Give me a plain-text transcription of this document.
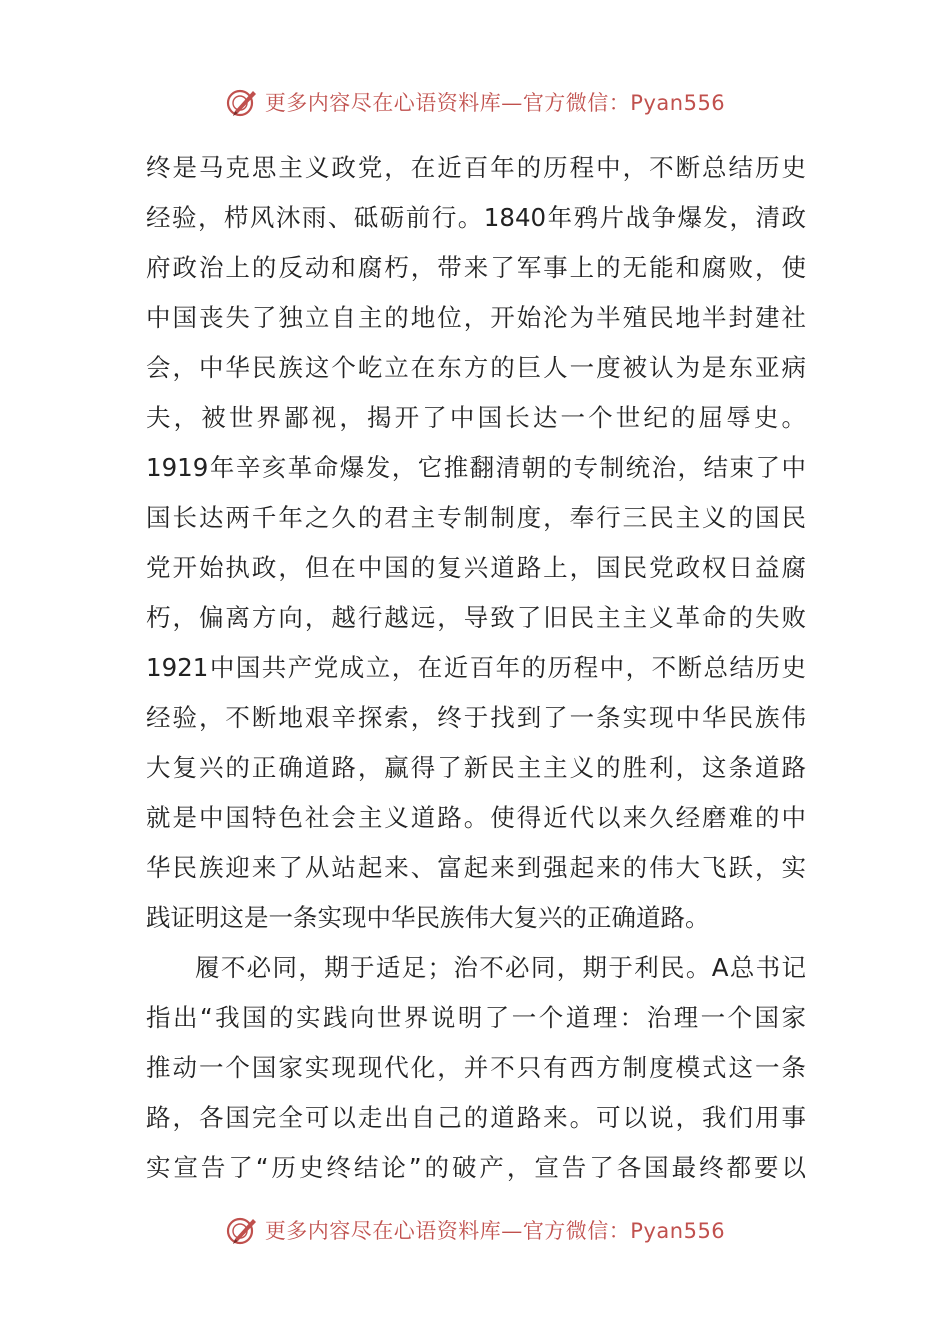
更多内容尽在心语资料库—官方微信：Pyan556
终是马克思主义政党，在近百年的历程中，不断总结历史
经验，栉风沐雨、砥砺前行。1840年鸦片战争爆发，清政
府政治上的反动和腐朽，带来了军事上的无能和腐败，使
中国丧失了独立自主的地位，开始沦为半殖民地半封建社
会，中华民族这个屹立在东方的巨人一度被认为是东亚病
夫，被世界鄙视，揭开了中国长达一个世纪的屈辱史。
1919年辛亥革命爆发，它推翻清朝的专制统治，结束了中
国长达两千年之久的君主专制制度，奉行三民主义的国民
党开始执政，但在中国的复兴道路上，国民党政权日益腐
朽，偏离方向，越行越远，导致了旧民主主义革命的失败
1921中国共产党成立，在近百年的历程中，不断总结历史
经验，不断地艰辛探索，终于找到了一条实现中华民族伟
大复兴的正确道路，赢得了新民主主义的胜利，这条道路
就是中国特色社会主义道路。使得近代以来久经磨难的中
华民族迎来了从站起来、富起来到强起来的伟大飞跃，实
践证明这是一条实现中华民族伟大复兴的正确道路。
履不必同，期于适足；治不必同，期于利民。A总书记
指出“我国的实践向世界说明了一个道理：治理一个国家
推动一个国家实现现代化，并不只有西方制度模式这一条
路，各国完全可以走出自己的道路来。可以说，我们用事
实宣告了“历史终结论”的破产，宣告了各国最终都要以
更多内容尽在心语资料库—官方微信：Pyan556
